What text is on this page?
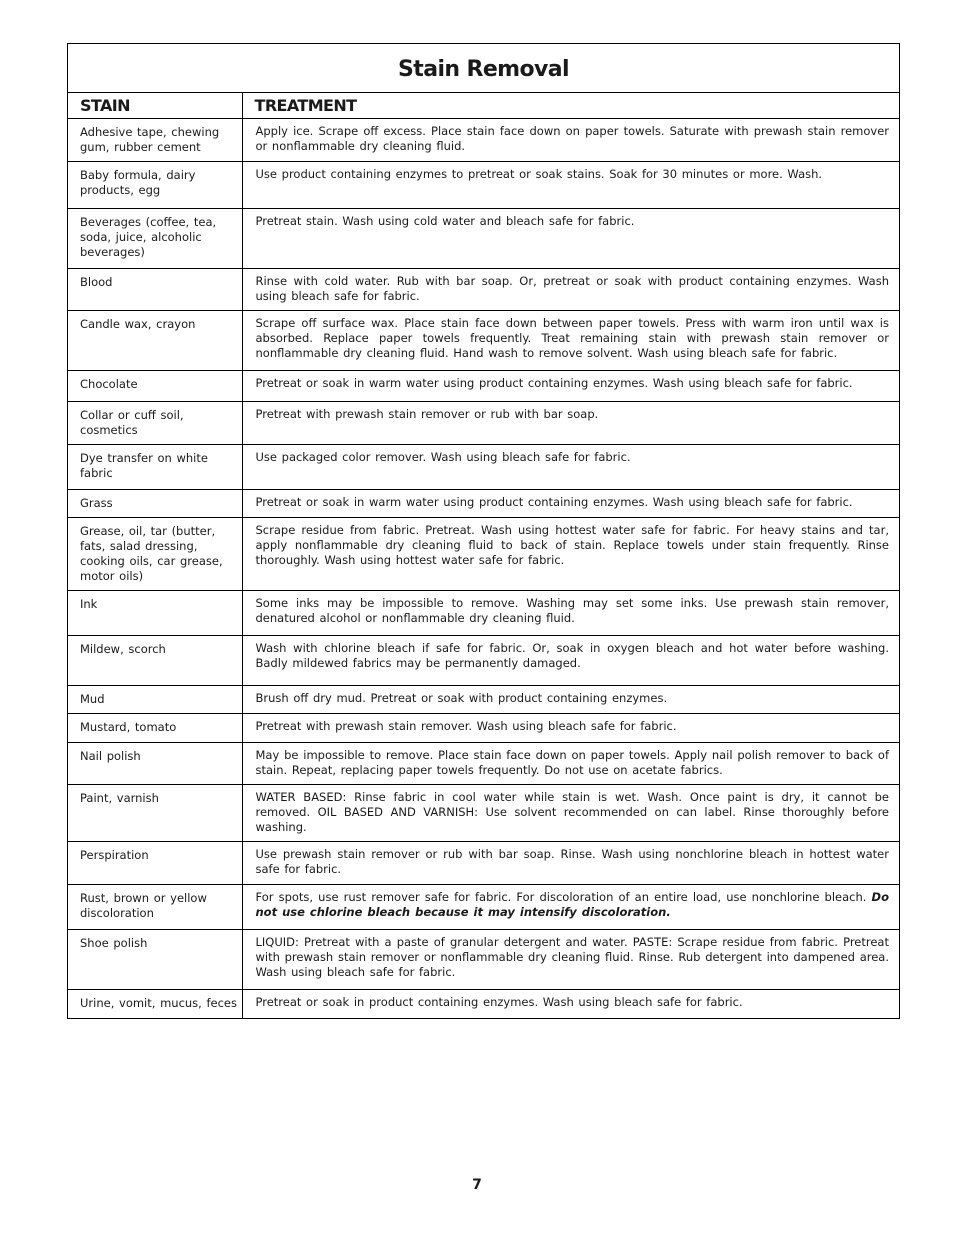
Stain Removal
STAIN	TREATMENT
Adhesive tape, chewing gum, rubber cement	Apply ice. Scrape off excess. Place stain face down on paper towels. Saturate with prewash stain remover or nonflammable dry cleaning fluid.
Baby formula, dairy products, egg	Use product containing enzymes to pretreat or soak stains. Soak for 30 minutes or more. Wash.
Beverages (coffee, tea, soda, juice, alcoholic beverages)	Pretreat stain. Wash using cold water and bleach safe for fabric.
Blood	Rinse with cold water. Rub with bar soap. Or, pretreat or soak with product containing enzymes. Wash using bleach safe for fabric.
Candle wax, crayon	Scrape off surface wax. Place stain face down between paper towels. Press with warm iron until wax is absorbed. Replace paper towels frequently. Treat remaining stain with prewash stain remover or nonflammable dry cleaning fluid. Hand wash to remove solvent. Wash using bleach safe for fabric.
Chocolate	Pretreat or soak in warm water using product containing enzymes. Wash using bleach safe for fabric.
Collar or cuff soil, cosmetics	Pretreat with prewash stain remover or rub with bar soap.
Dye transfer on white fabric	Use packaged color remover. Wash using bleach safe for fabric.
Grass	Pretreat or soak in warm water using product containing enzymes. Wash using bleach safe for fabric.
Grease, oil, tar (butter, fats, salad dressing, cooking oils, car grease, motor oils)	Scrape residue from fabric. Pretreat. Wash using hottest water safe for fabric. For heavy stains and tar, apply nonflammable dry cleaning fluid to back of stain. Replace towels under stain frequently. Rinse thoroughly. Wash using hottest water safe for fabric.
Ink	Some inks may be impossible to remove. Washing may set some inks. Use prewash stain remover, denatured alcohol or nonflammable dry cleaning fluid.
Mildew, scorch	Wash with chlorine bleach if safe for fabric. Or, soak in oxygen bleach and hot water before washing. Badly mildewed fabrics may be permanently damaged.
Mud	Brush off dry mud. Pretreat or soak with product containing enzymes.
Mustard, tomato	Pretreat with prewash stain remover. Wash using bleach safe for fabric.
Nail polish	May be impossible to remove. Place stain face down on paper towels. Apply nail polish remover to back of stain. Repeat, replacing paper towels frequently. Do not use on acetate fabrics.
Paint, varnish	WATER BASED: Rinse fabric in cool water while stain is wet. Wash. Once paint is dry, it cannot be removed. OIL BASED AND VARNISH: Use solvent recommended on can label. Rinse thoroughly before washing.
Perspiration	Use prewash stain remover or rub with bar soap. Rinse. Wash using nonchlorine bleach in hottest water safe for fabric.
Rust, brown or yellow discoloration	For spots, use rust remover safe for fabric. For discoloration of an entire load, use nonchlorine bleach. Do not use chlorine bleach because it may intensify discoloration.
Shoe polish	LIQUID: Pretreat with a paste of granular detergent and water. PASTE: Scrape residue from fabric. Pretreat with prewash stain remover or nonflammable dry cleaning fluid. Rinse. Rub detergent into dampened area. Wash using bleach safe for fabric.
Urine, vomit, mucus, feces	Pretreat or soak in product containing enzymes. Wash using bleach safe for fabric.
7
